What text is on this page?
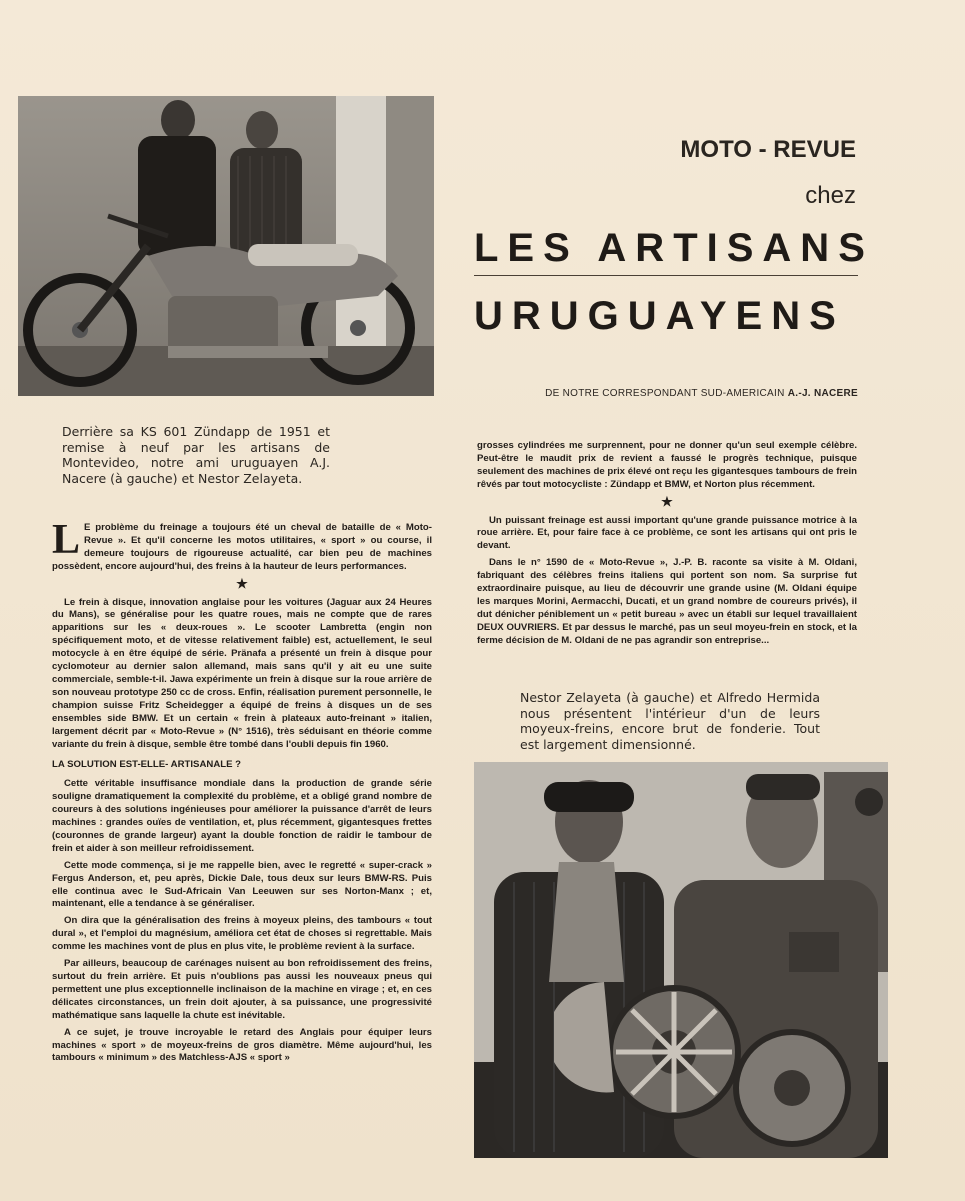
MOTO - REVUE
chez
LES ARTISANS
URUGUAYENS
DE NOTRE CORRESPONDANT SUD-AMERICAIN A.-J. NACERE
Derrière sa KS 601 Zündapp de 1951 et remise à neuf par les artisans de Montevideo, notre ami uruguayen A.J. Nacere (à gauche) et Nestor Zelayeta.

L E problème du freinage a toujours été un cheval de bataille de « Moto-Revue ». Et qu'il concerne les motos utilitaires, « sport » ou course, il demeure toujours de rigoureuse actualité, car bien peu de machines possèdent, encore aujourd'hui, des freins à la hauteur de leurs performances.

★

Le frein à disque, innovation anglaise pour les voitures (Jaguar aux 24 Heures du Mans), se généralise pour les quatre roues, mais ne compte que de rares apparitions sur les « deux-roues ». Le scooter Lambretta (engin non spécifiquement moto, et de vitesse relativement faible) est, actuellement, le seul motocycle à en être équipé de série. Pränafa a présenté un frein à disque pour cyclomoteur au dernier salon allemand, mais sans qu'il y ait eu une suite commerciale, semble-t-il. Jawa expérimente un frein à disque sur la roue arrière de son nouveau prototype 250 cc de cross. Enfin, réalisation purement personnelle, le champion suisse Fritz Scheidegger a équipé de freins à disques un de ses ensembles side BMW. Et un certain « frein à plateaux auto-freinant » italien, largement décrit par « Moto-Revue » (N° 1516), très séduisant en théorie comme variante du frein à disque, semble être tombé dans l'oubli depuis fin 1960.

LA SOLUTION EST-ELLE- ARTISANALE ?

Cette véritable insuffisance mondiale dans la production de grande série souligne dramatiquement la complexité du problème, et a obligé grand nombre de coureurs à des solutions ingénieuses pour améliorer la puissance d'arrêt de leurs machines : grandes ouïes de ventilation, et, plus récemment, gigantesques frettes (couronnes de grande largeur) ayant la double fonction de raidir le tambour de frein et aider à son meilleur refroidissement.

Cette mode commença, si je me rappelle bien, avec le regretté « super-crack » Fergus Anderson, et, peu après, Dickie Dale, tous deux sur leurs BMW-RS. Puis elle continua avec le Sud-Africain Van Leeuwen sur ses Norton-Manx ; et, maintenant, elle a tendance à se généraliser.

On dira que la généralisation des freins à moyeux pleins, des tambours « tout dural », et l'emploi du magnésium, améliora cet état de choses si regrettable. Mais comme les machines vont de plus en plus vite, le problème revient à la surface.

Par ailleurs, beaucoup de carénages nuisent au bon refroidissement des freins, surtout du frein arrière. Et puis n'oublions pas aussi les nouveaux pneus qui permettent une plus exceptionnelle inclinaison de la machine en virage ; et, en ces délicates circonstances, un frein doit ajouter, à sa puissance, une progressivité mathématique sans laquelle la chute est inévitable.

A ce sujet, je trouve incroyable le retard des Anglais pour équiper leurs machines « sport » de moyeux-freins de gros diamètre. Même aujourd'hui, les tambours « minimum » des Matchless-AJS « sport »

grosses cylindrées me surprennent, pour ne donner qu'un seul exemple célèbre. Peut-être le maudit prix de revient a faussé le progrès technique, puisque seulement des machines de prix élevé ont reçu les gigantesques tambours de frein rêvés par tout motocycliste : Zündapp et BMW, et Norton plus récemment.

★

Un puissant freinage est aussi important qu'une grande puissance motrice à la roue arrière. Et, pour faire face à ce problème, ce sont les artisans qui ont pris le devant.

Dans le n° 1590 de « Moto-Revue », J.-P. B. raconte sa visite à M. Oldani, fabriquant des célèbres freins italiens qui portent son nom. Sa surprise fut extraordinaire puisque, au lieu de découvrir une grande usine (M. Oldani équipe les marques Morini, Aermacchi, Ducati, et un grand nombre de coureurs privés), il dut dénicher péniblement un « petit bureau » avec un établi sur lequel travaillaient DEUX OUVRIERS. Et par dessus le marché, pas un seul moyeu-frein en stock, et la ferme décision de M. Oldani de ne pas agrandir son entreprise...

Nestor Zelayeta (à gauche) et Alfredo Hermida nous présentent l'intérieur d'un de leurs moyeux-freins, encore brut de fonderie. Tout est largement dimensionné.
